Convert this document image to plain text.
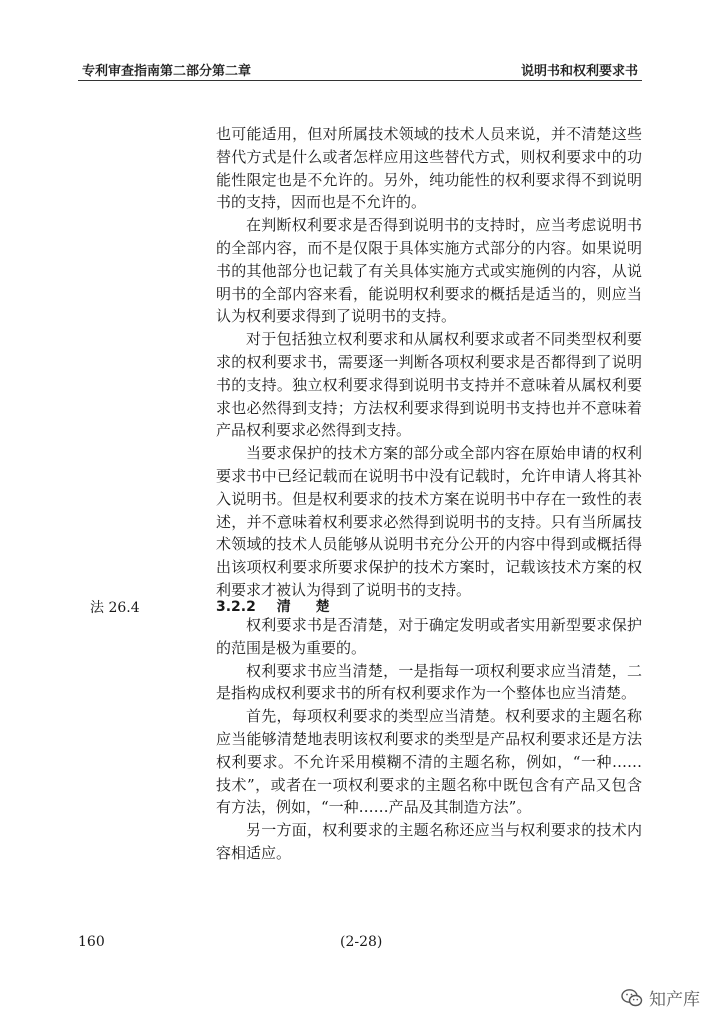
专利审查指南第二部分第二章	说明书和权利要求书

也可能适用，但对所属技术领域的技术人员来说，并不清楚这些替代方式是什么或者怎样应用这些替代方式，则权利要求中的功能性限定也是不允许的。另外，纯功能性的权利要求得不到说明书的支持，因而也是不允许的。

在判断权利要求是否得到说明书的支持时，应当考虑说明书的全部内容，而不是仅限于具体实施方式部分的内容。如果说明书的其他部分也记载了有关具体实施方式或实施例的内容，从说明书的全部内容来看，能说明权利要求的概括是适当的，则应当认为权利要求得到了说明书的支持。

对于包括独立权利要求和从属权利要求或者不同类型权利要求的权利要求书，需要逐一判断各项权利要求是否都得到了说明书的支持。独立权利要求得到说明书支持并不意味着从属权利要求也必然得到支持；方法权利要求得到说明书支持也并不意味着产品权利要求必然得到支持。

当要求保护的技术方案的部分或全部内容在原始申请的权利要求书中已经记载而在说明书中没有记载时，允许申请人将其补入说明书。但是权利要求的技术方案在说明书中存在一致性的表述，并不意味着权利要求必然得到说明书的支持。只有当所属技术领域的技术人员能够从说明书充分公开的内容中得到或概括得出该项权利要求所要求保护的技术方案时，记载该技术方案的权利要求才被认为得到了说明书的支持。

法 26.4	3.2.2 清 楚

权利要求书是否清楚，对于确定发明或者实用新型要求保护的范围是极为重要的。

权利要求书应当清楚，一是指每一项权利要求应当清楚，二是指构成权利要求书的所有权利要求作为一个整体也应当清楚。

首先，每项权利要求的类型应当清楚。权利要求的主题名称应当能够清楚地表明该权利要求的类型是产品权利要求还是方法权利要求。不允许采用模糊不清的主题名称，例如，“一种……技术”，或者在一项权利要求的主题名称中既包含有产品又包含有方法，例如，“一种……产品及其制造方法”。

另一方面，权利要求的主题名称还应当与权利要求的技术内容相适应。

160	(2-28)
知产库
